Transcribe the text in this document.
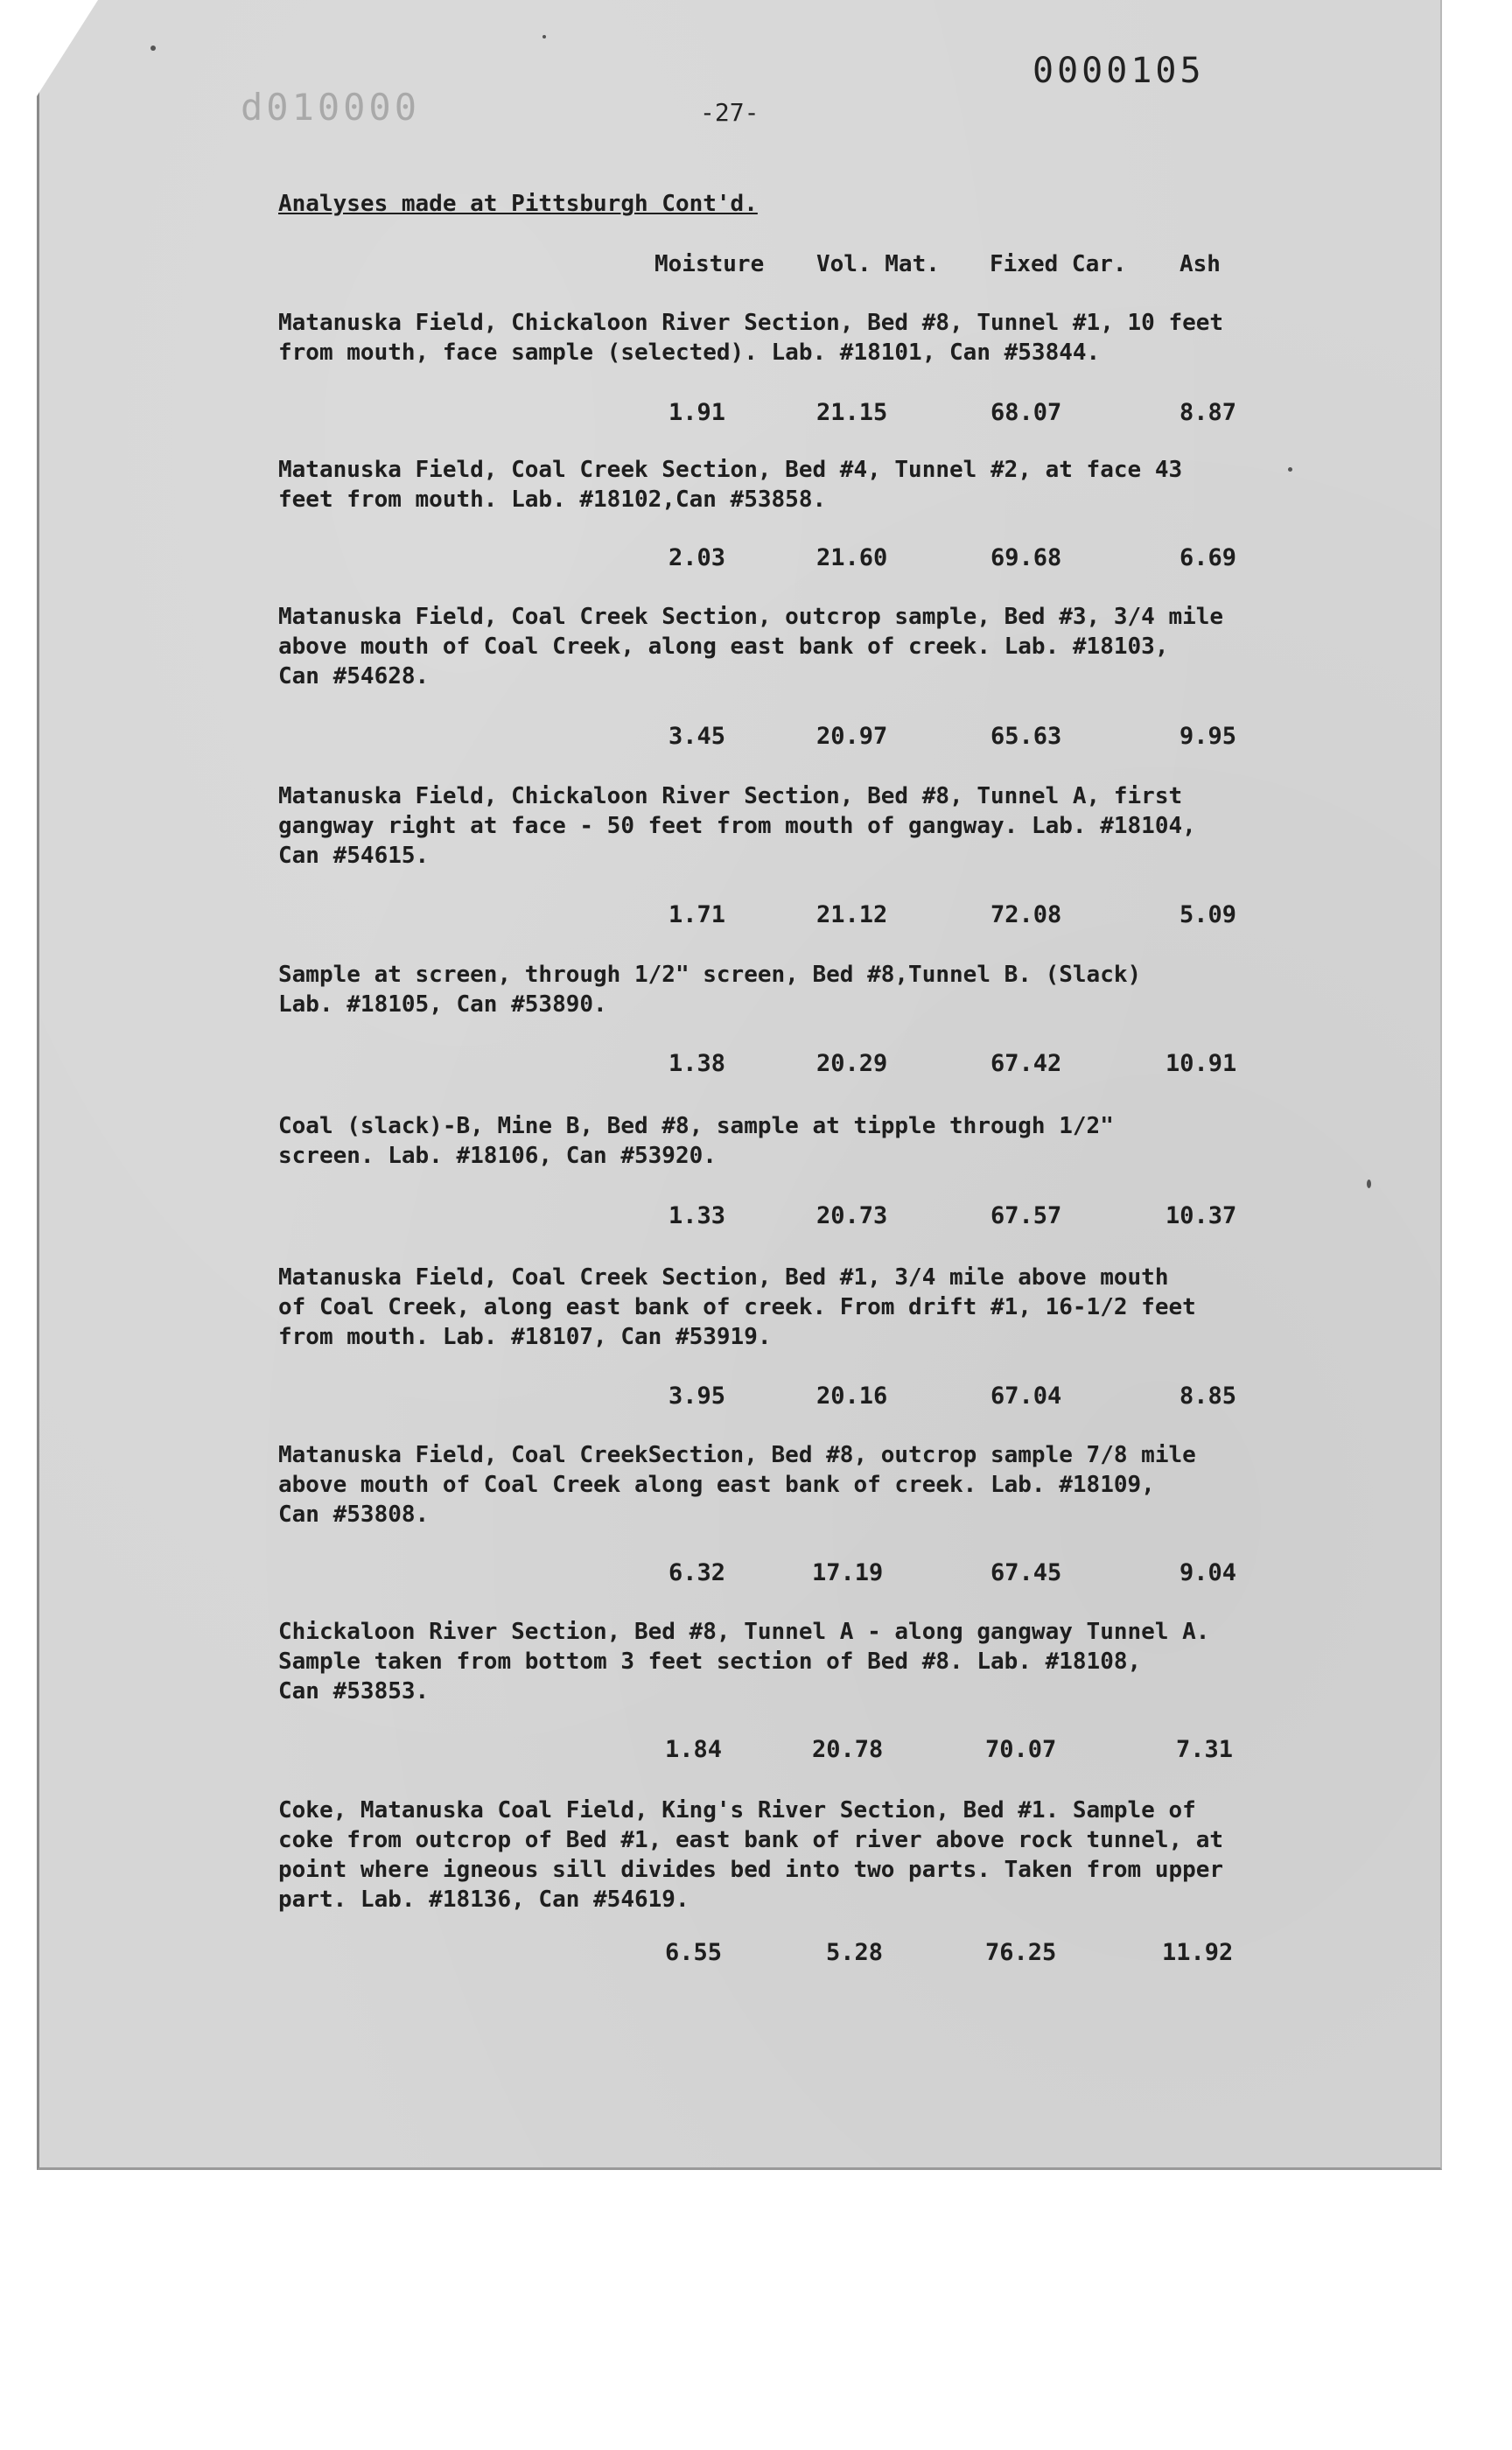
0000105
d010000	-27-
Analyses made at Pittsburgh Cont'd.
Moisture Vol. Mat. Fixed Car. Ash
Matanuska Field, Chickaloon River Section, Bed #8, Tunnel #1, 10 feet
from mouth, face sample (selected). Lab. #18101, Can #53844.
1.91	21.15	68.07	8.87
Matanuska Field, Coal Creek Section, Bed #4, Tunnel #2, at face 43
feet from mouth. Lab. #18102,Can #53858.
2.03	21.60	69.68	6.69
Matanuska Field, Coal Creek Section, outcrop sample, Bed #3, 3/4 mile
above mouth of Coal Creek, along east bank of creek. Lab. #18103,
Can #54628.
3.45	20.97	65.63	9.95
Matanuska Field, Chickaloon River Section, Bed #8, Tunnel A, first
gangway right at face - 50 feet from mouth of gangway. Lab. #18104,
Can #54615.
1.71	21.12	72.08	5.09
Sample at screen, through 1/2" screen, Bed #8,Tunnel B. (Slack)
Lab. #18105, Can #53890.
1.38	20.29	67.42	10.91
Coal (slack)-B, Mine B, Bed #8, sample at tipple through 1/2"
screen. Lab. #18106, Can #53920.
1.33	20.73	67.57	10.37
Matanuska Field, Coal Creek Section, Bed #1, 3/4 mile above mouth
of Coal Creek, along east bank of creek. From drift #1, 16-1/2 feet
from mouth. Lab. #18107, Can #53919.
3.95	20.16	67.04	8.85
Matanuska Field, Coal CreekSection, Bed #8, outcrop sample 7/8 mile
above mouth of Coal Creek along east bank of creek. Lab. #18109,
Can #53808.
6.32	17.19	67.45	9.04
Chickaloon River Section, Bed #8, Tunnel A - along gangway Tunnel A.
Sample taken from bottom 3 feet section of Bed #8. Lab. #18108,
Can #53853.
1.84	20.78	70.07	7.31
Coke, Matanuska Coal Field, King's River Section, Bed #1. Sample of
coke from outcrop of Bed #1, east bank of river above rock tunnel, at
point where igneous sill divides bed into two parts. Taken from upper
part. Lab. #18136, Can #54619.
6.55	5.28	76.25	11.92
